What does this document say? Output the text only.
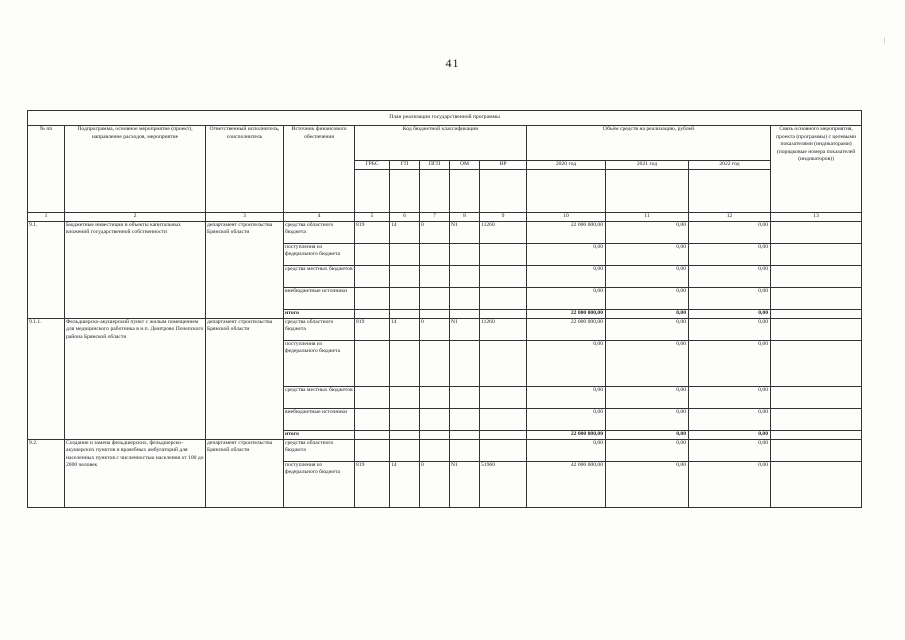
41
План реализации государственной программы												
№ пп	Подпрограмма, основное мероприятие (проект), направление расходов, мероприятие	Ответственный исполнитель, соисполнитель	Источник финансового обеспечения	Код бюджетной классификации					Объём средств на реализацию, рублей			Связь основного мероприятия, проекта (программы) с целевыми показателями (индикаторами) (порядковые номера показателей (индикаторов))
				ГРБС	ГП	ПГП	ОМ	НР	2020 год	2021 год	2022 год	

1	2	3	4	5	6	7	8	9	10	11	12	13
9.1.	Бюджетные инвестиции в объекты капитальных вложений государственной собственности	департамент строительства Брянской области	средства областного бюджета	819	14	0	N1	11260	22 000 000,00	0,00	0,00	
			поступления из федерального бюджета						0,00	0,00	0,00	
			средства местных бюджетов						0,00	0,00	0,00	
			внебюджетные источники						0,00	0,00	0,00	
			итого						22 000 000,00	0,00	0,00	
9.1.1.	Фельдшерско-акушерский пункт с жилым помещением для медицинского работника в н.п. Дмитрово Почепского района Брянской области	департамент строительства Брянской области	средства областного бюджета	819	14	0	N1	11260	22 000 000,00	0,00	0,00	
			поступления из федерального бюджета						0,00	0,00	0,00	
			средства местных бюджетов						0,00	0,00	0,00	
			внебюджетные источники						0,00	0,00	0,00	
			итого						22 000 000,00	0,00	0,00	
9.2.	Создание и замена фельдшерских, фельдшерско-акушерских пунктов и врачебных амбулаторий для населенных пунктов с численностью населения от 100 до 2000 человек	департамент строительства Брянской области	средства областного бюджета						0,00	0,00	0,00	
			поступления из федерального бюджета	819	14	0	N1	51960	42 000 000,00	0,00	0,00	
|
